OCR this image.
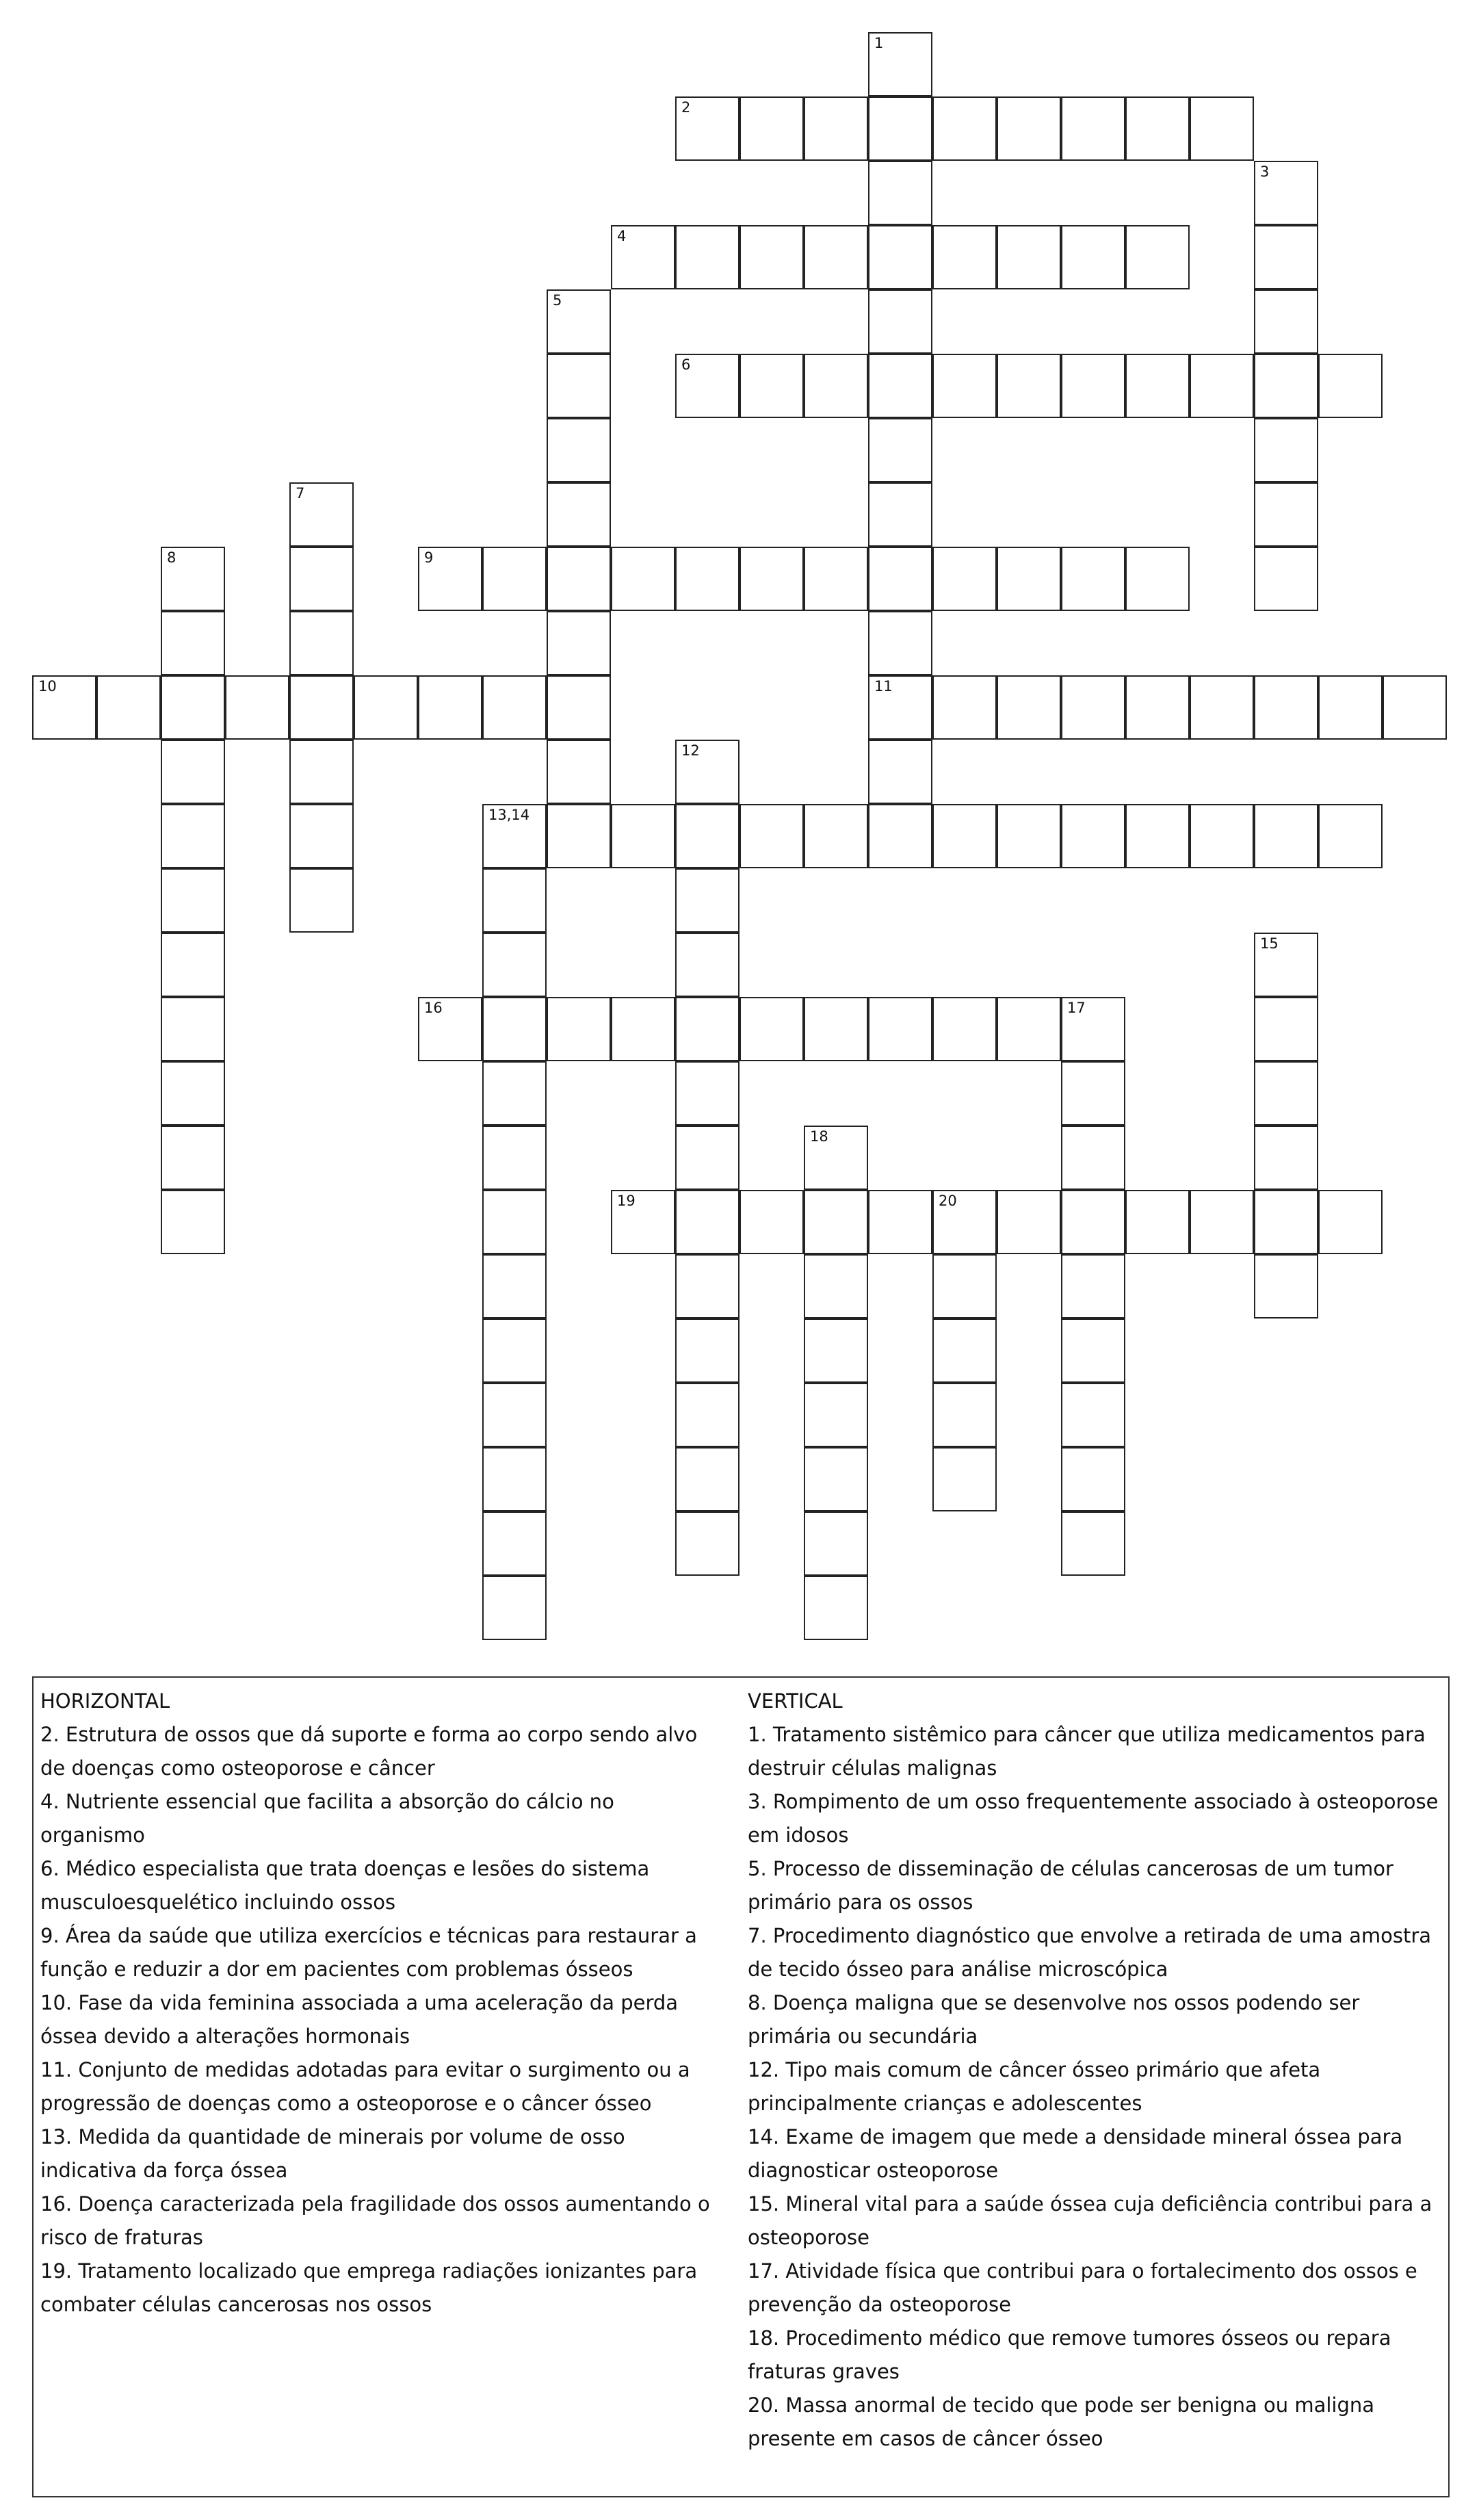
2
4
6
9
10	11
13,14
16	17
19	20
1
3
5
7
8
12
15
18
HORIZONTAL
2. Estrutura de ossos que dá suporte e forma ao corpo sendo alvo de doenças como osteoporose e câncer
4. Nutriente essencial que facilita a absorção do cálcio no organismo
6. Médico especialista que trata doenças e lesões do sistema musculoesquelético incluindo ossos
9. Área da saúde que utiliza exercícios e técnicas para restaurar a função e reduzir a dor em pacientes com problemas ósseos
10. Fase da vida feminina associada a uma aceleração da perda óssea devido a alterações hormonais
11. Conjunto de medidas adotadas para evitar o surgimento ou a progressão de doenças como a osteoporose e o câncer ósseo
13. Medida da quantidade de minerais por volume de osso indicativa da força óssea
16. Doença caracterizada pela fragilidade dos ossos aumentando o risco de fraturas
19. Tratamento localizado que emprega radiações ionizantes para combater células cancerosas nos ossos
VERTICAL
1. Tratamento sistêmico para câncer que utiliza medicamentos para destruir células malignas
3. Rompimento de um osso frequentemente associado à osteoporose em idosos
5. Processo de disseminação de células cancerosas de um tumor primário para os ossos
7. Procedimento diagnóstico que envolve a retirada de uma amostra de tecido ósseo para análise microscópica
8. Doença maligna que se desenvolve nos ossos podendo ser primária ou secundária
12. Tipo mais comum de câncer ósseo primário que afeta principalmente crianças e adolescentes
14. Exame de imagem que mede a densidade mineral óssea para diagnosticar osteoporose
15. Mineral vital para a saúde óssea cuja deficiência contribui para a osteoporose
17. Atividade física que contribui para o fortalecimento dos ossos e prevenção da osteoporose
18. Procedimento médico que remove tumores ósseos ou repara fraturas graves
20. Massa anormal de tecido que pode ser benigna ou maligna presente em casos de câncer ósseo
